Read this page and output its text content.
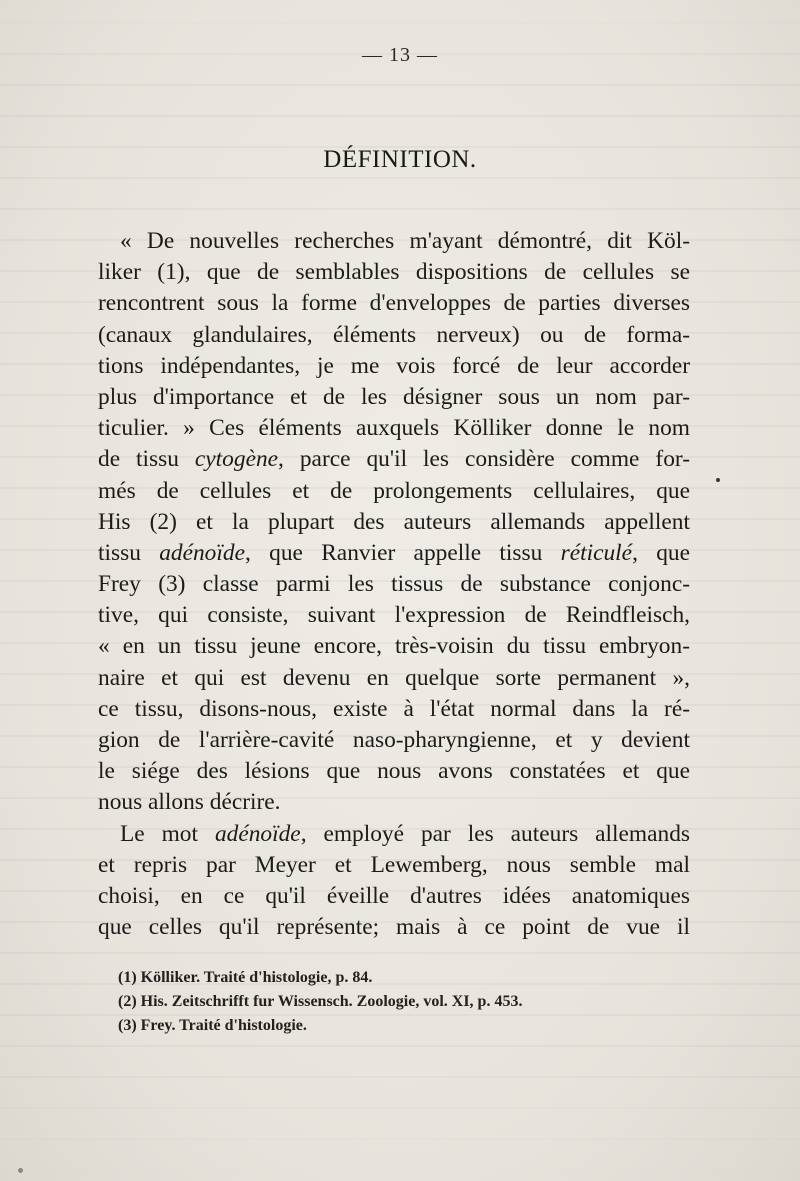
— 13 —
DÉFINITION.
« De nouvelles recherches m'ayant démontré, dit Köl-
liker (1), que de semblables dispositions de cellules se
rencontrent sous la forme d'enveloppes de parties diverses
(canaux glandulaires, éléments nerveux) ou de forma-
tions indépendantes, je me vois forcé de leur accorder
plus d'importance et de les désigner sous un nom par-
ticulier. » Ces éléments auxquels Kölliker donne le nom
de tissu cytogène, parce qu'il les considère comme for-
més de cellules et de prolongements cellulaires, que
His (2) et la plupart des auteurs allemands appellent
tissu adénoïde, que Ranvier appelle tissu réticulé, que
Frey (3) classe parmi les tissus de substance conjonc-
tive, qui consiste, suivant l'expression de Reindfleisch,
« en un tissu jeune encore, très-voisin du tissu embryon-
naire et qui est devenu en quelque sorte permanent »,
ce tissu, disons-nous, existe à l'état normal dans la ré-
gion de l'arrière-cavité naso-pharyngienne, et y devient
le siége des lésions que nous avons constatées et que
nous allons décrire.
Le mot adénoïde, employé par les auteurs allemands
et repris par Meyer et Lewemberg, nous semble mal
choisi, en ce qu'il éveille d'autres idées anatomiques
que celles qu'il représente; mais à ce point de vue il
(1) Kölliker. Traité d'histologie, p. 84.
(2) His. Zeitschrifft fur Wissensch. Zoologie, vol. XI, p. 453.
(3) Frey. Traité d'histologie.
